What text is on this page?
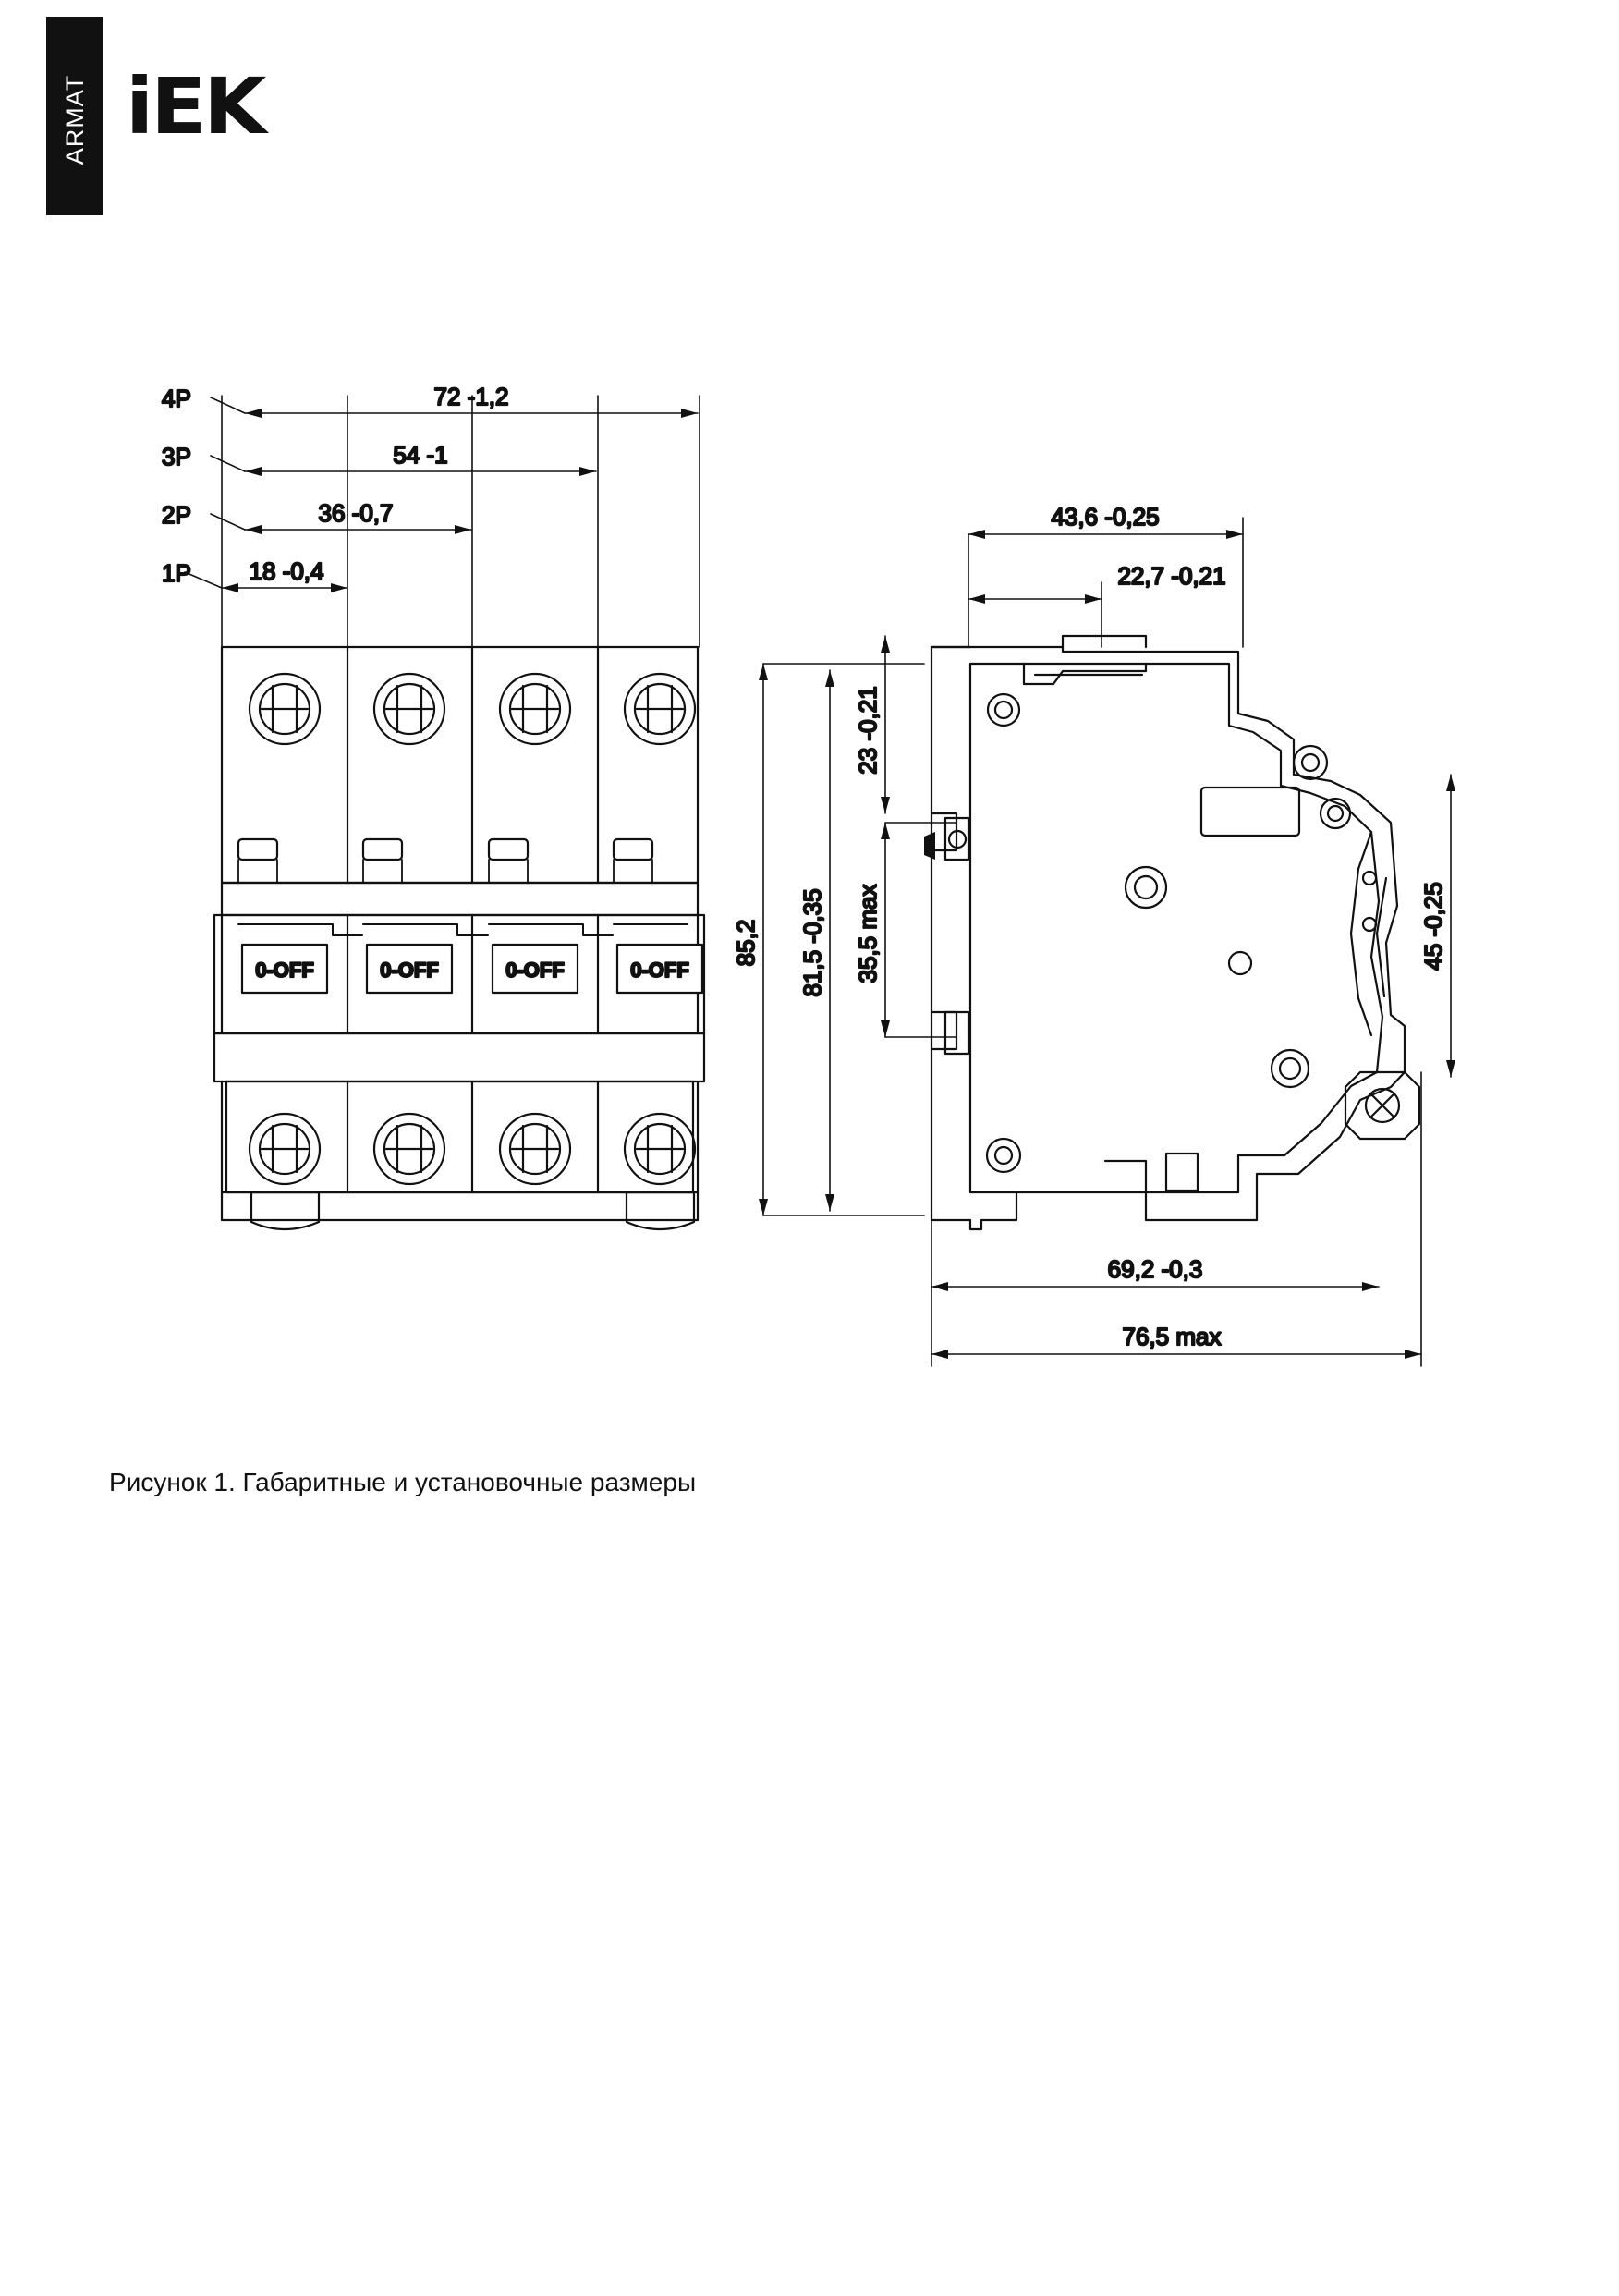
ARMAT iEK
72 -1,2
4P
54 -1
3P
36 -0,7
2P
18 -0,4
1P
0-OFF	0-OFF	0-OFF	0-OFF
85,2 81,5 -0,35 35,5 max
23 -0,21
43,6 -0,25
22,7 -0,21
45 -0,25
69,2 -0,3
76,5 max
Рисунок 1. Габаритные и установочные размеры
